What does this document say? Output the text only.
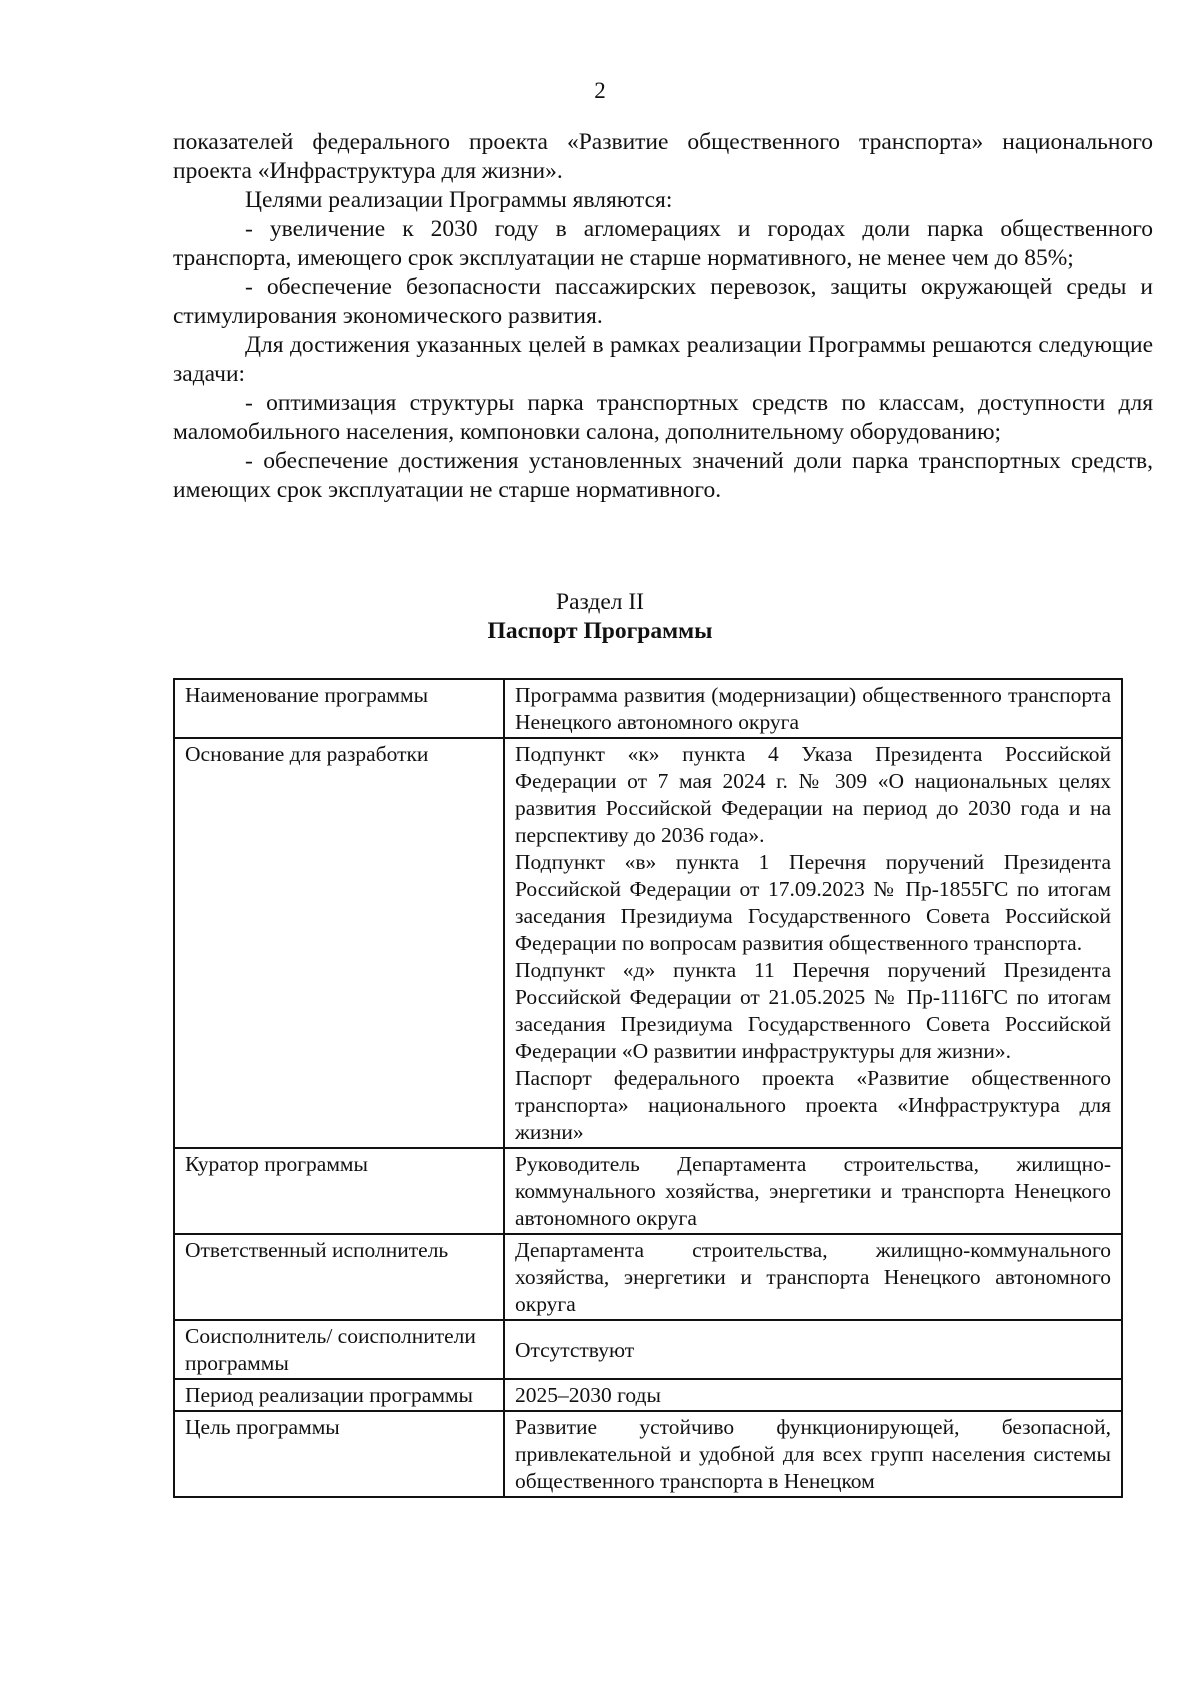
2

показателей федерального проекта «Развитие общественного транспорта» национального проекта «Инфраструктура для жизни».

Целями реализации Программы являются:

- увеличение к 2030 году в агломерациях и городах доли парка общественного транспорта, имеющего срок эксплуатации не старше нормативного, не менее чем до 85%;

- обеспечение безопасности пассажирских перевозок, защиты окружающей среды и стимулирования экономического развития.

Для достижения указанных целей в рамках реализации Программы решаются следующие задачи:

- оптимизация структуры парка транспортных средств по классам, доступности для маломобильного населения, компоновки салона, дополнительному оборудованию;

- обеспечение достижения установленных значений доли парка транспортных средств, имеющих срок эксплуатации не старше нормативного.

Раздел II
Паспорт Программы
Наименование программы	Программа развития (модернизации) общественного транспорта Ненецкого автономного округа

Основание для разработки	Подпункт «к» пункта 4 Указа Президента Российской Федерации от 7 мая 2024 г. № 309 «О национальных целях развития Российской Федерации на период до 2030 года и на перспективу до 2036 года».
Подпункт «в» пункта 1 Перечня поручений Президента Российской Федерации от 17.09.2023 № Пр-1855ГС по итогам заседания Президиума Государственного Совета Российской Федерации по вопросам развития общественного транспорта.
Подпункт «д» пункта 11 Перечня поручений Президента Российской Федерации от 21.05.2025 № Пр-1116ГС по итогам заседания Президиума Государственного Совета Российской Федерации «О развитии инфраструктуры для жизни».
Паспорт федерального проекта «Развитие общественного транспорта» национального проекта «Инфраструктура для жизни»

Куратор программы	Руководитель Департамента строительства, жилищно-коммунального хозяйства, энергетики и транспорта Ненецкого автономного округа

Ответственный исполнитель	Департамента строительства, жилищно-коммунального хозяйства, энергетики и транспорта Ненецкого автономного округа

Соисполнитель/ соисполнители программы	Отсутствуют

Период реализации программы	2025–2030 годы

Цель программы	Развитие устойчиво функционирующей, безопасной, привлекательной и удобной для всех групп населения системы общественного транспорта в Ненецком
